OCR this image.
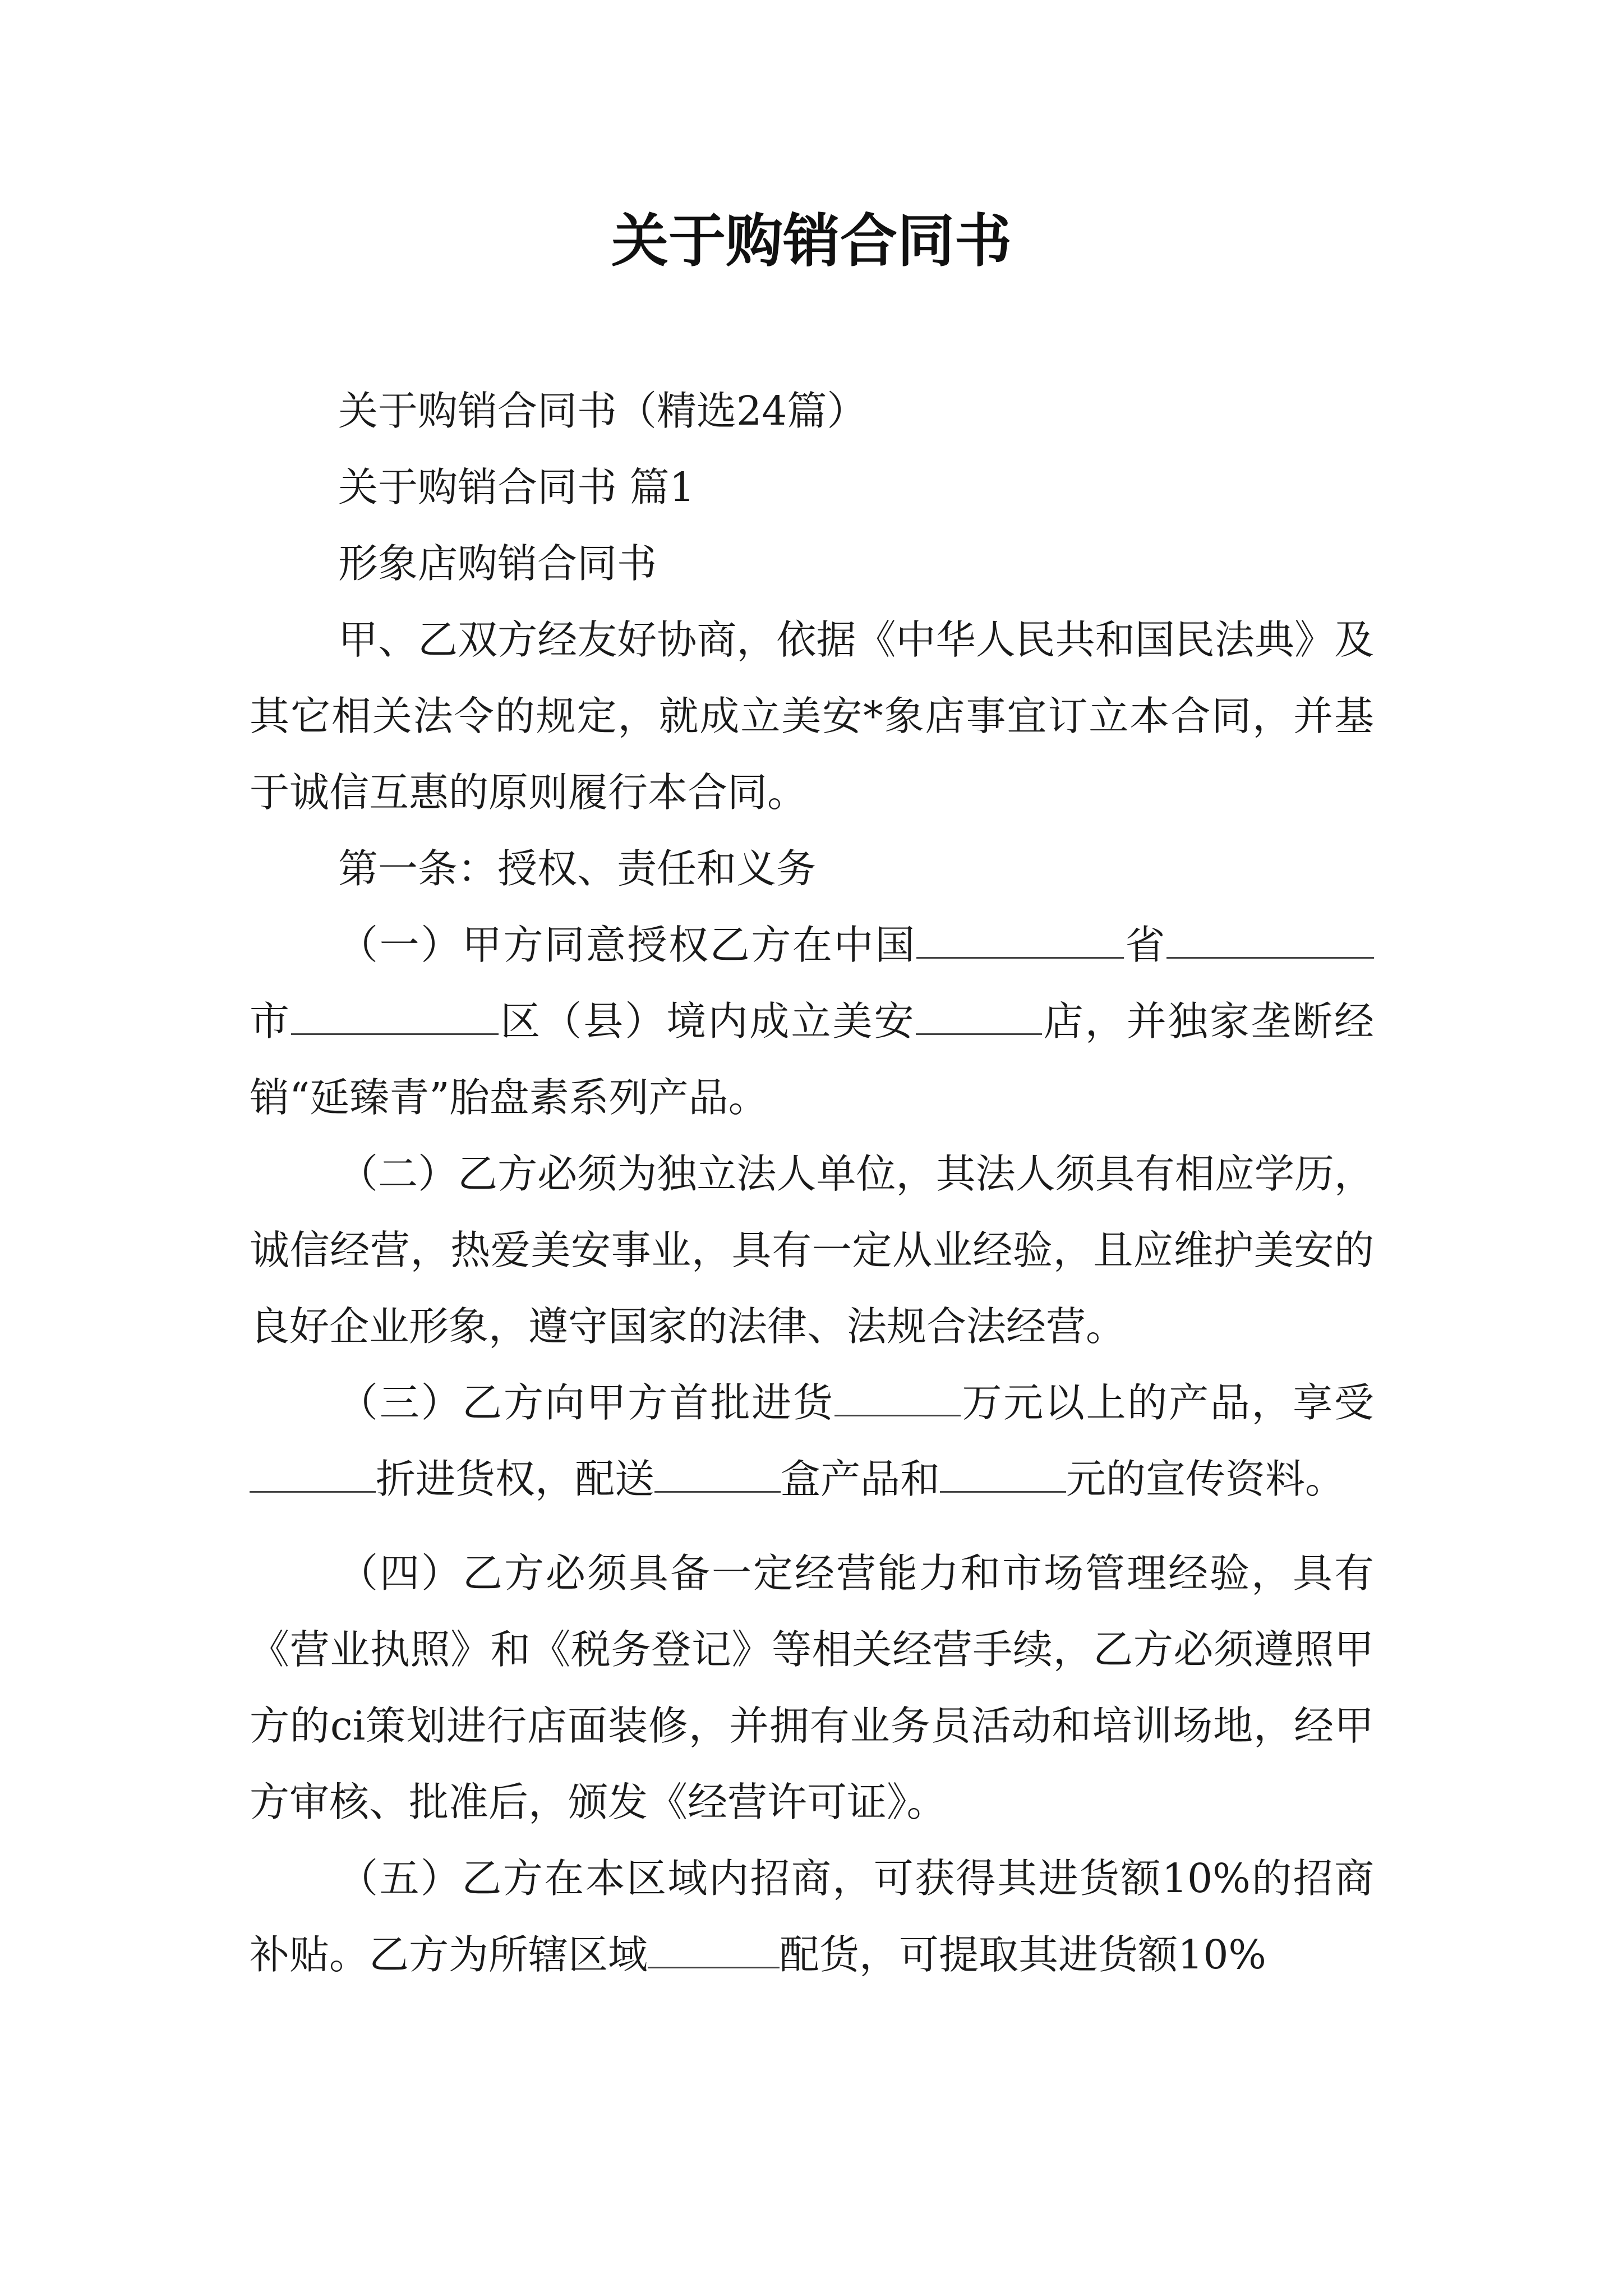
关于购销合同书

关于购销合同书（精选24篇）

关于购销合同书 篇1

形象店购销合同书

甲、乙双方经友好协商，依据《中华人民共和国民法典》及其它相关法令的规定，就成立美安*象店事宜订立本合同，并基于诚信互惠的原则履行本合同。

第一条：授权、责任和义务

（一）甲方同意授权乙方在中国	省市	区（县）境内成立美安	店，并独家垄断经销“延臻青”胎盘素系列产品。

（二）乙方必须为独立法人单位，其法人须具有相应学历，诚信经营，热爱美安事业，具有一定从业经验，且应维护美安的良好企业形象，遵守国家的法律、法规合法经营。

（三）乙方向甲方首批进货	万元以上的产品，享受折进货权，配送	盒产品和	元的宣传资料。

（四）乙方必须具备一定经营能力和市场管理经验，具有《营业执照》和《税务登记》等相关经营手续，乙方必须遵照甲方的ci策划进行店面装修，并拥有业务员活动和培训场地，经甲方审核、批准后，颁发《经营许可证》。

（五）乙方在本区域内招商，可获得其进货额10%的招商补贴。乙方为所辖区域	配货，可提取其进货额10%
